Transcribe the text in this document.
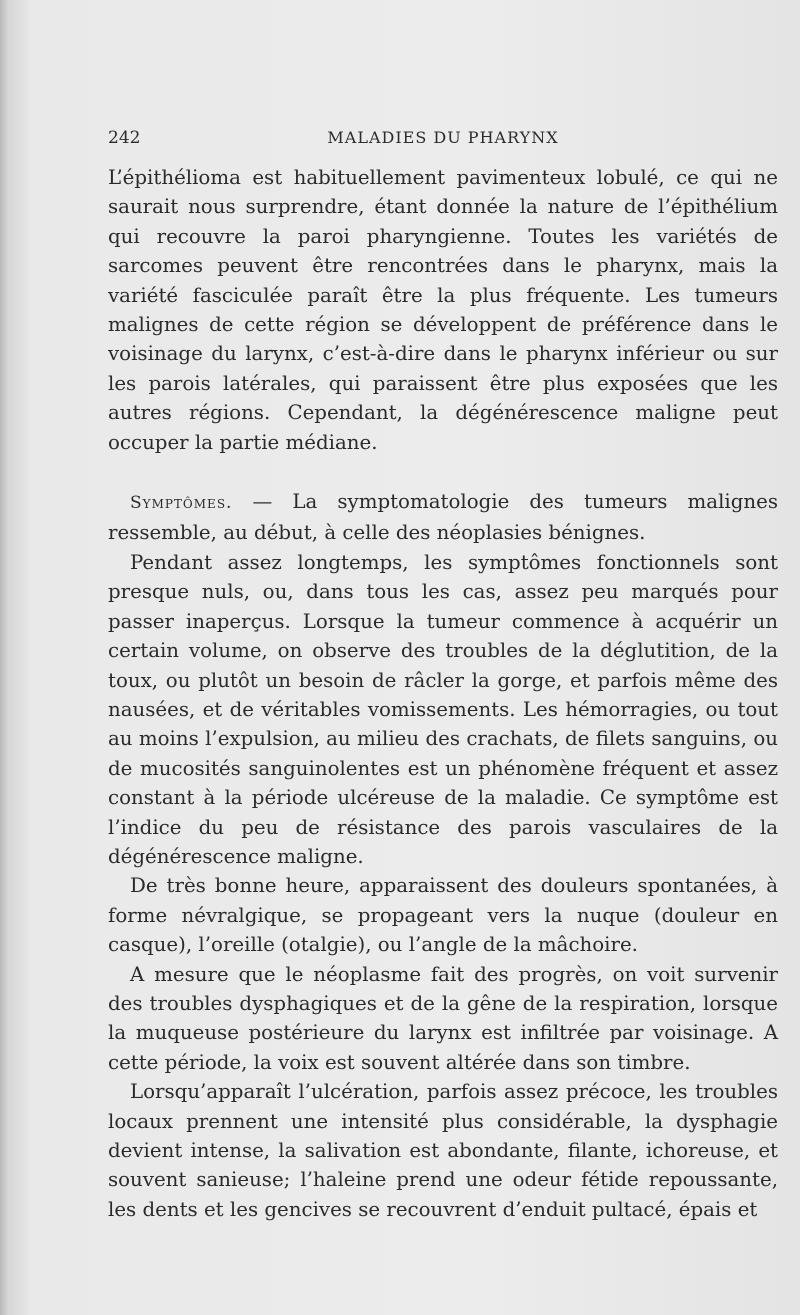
242	MALADIES DU PHARYNX

L’épithélioma est habituellement pavimenteux lobulé, ce qui ne saurait nous surprendre, étant donnée la nature de l’épithélium qui recouvre la paroi pharyngienne. Toutes les variétés de sarcomes peuvent être rencontrées dans le pharynx, mais la variété fasciculée paraît être la plus fréquente. Les tumeurs malignes de cette région se développent de préférence dans le voisinage du larynx, c’est-à-dire dans le pharynx inférieur ou sur les parois latérales, qui paraissent être plus exposées que les autres régions. Cependant, la dégénérescence maligne peut occuper la partie médiane.

Symptômes. — La symptomatologie des tumeurs malignes ressemble, au début, à celle des néoplasies bénignes.

Pendant assez longtemps, les symptômes fonctionnels sont presque nuls, ou, dans tous les cas, assez peu marqués pour passer inaperçus. Lorsque la tumeur commence à acquérir un certain volume, on observe des troubles de la déglutition, de la toux, ou plutôt un besoin de râcler la gorge, et parfois même des nausées, et de véritables vomissements. Les hémorragies, ou tout au moins l’expulsion, au milieu des crachats, de filets sanguins, ou de mucosités sanguinolentes est un phénomène fréquent et assez constant à la période ulcéreuse de la maladie. Ce symptôme est l’indice du peu de résistance des parois vasculaires de la dégénérescence maligne.

De très bonne heure, apparaissent des douleurs spontanées, à forme névralgique, se propageant vers la nuque (douleur en casque), l’oreille (otalgie), ou l’angle de la mâchoire.

A mesure que le néoplasme fait des progrès, on voit survenir des troubles dysphagiques et de la gêne de la respiration, lorsque la muqueuse postérieure du larynx est infiltrée par voisinage. A cette période, la voix est souvent altérée dans son timbre.

Lorsqu’apparaît l’ulcération, parfois assez précoce, les troubles locaux prennent une intensité plus considérable, la dysphagie devient intense, la salivation est abondante, filante, ichoreuse, et souvent sanieuse; l’haleine prend une odeur fétide repoussante, les dents et les gencives se recouvrent d’enduit pultacé, épais et
